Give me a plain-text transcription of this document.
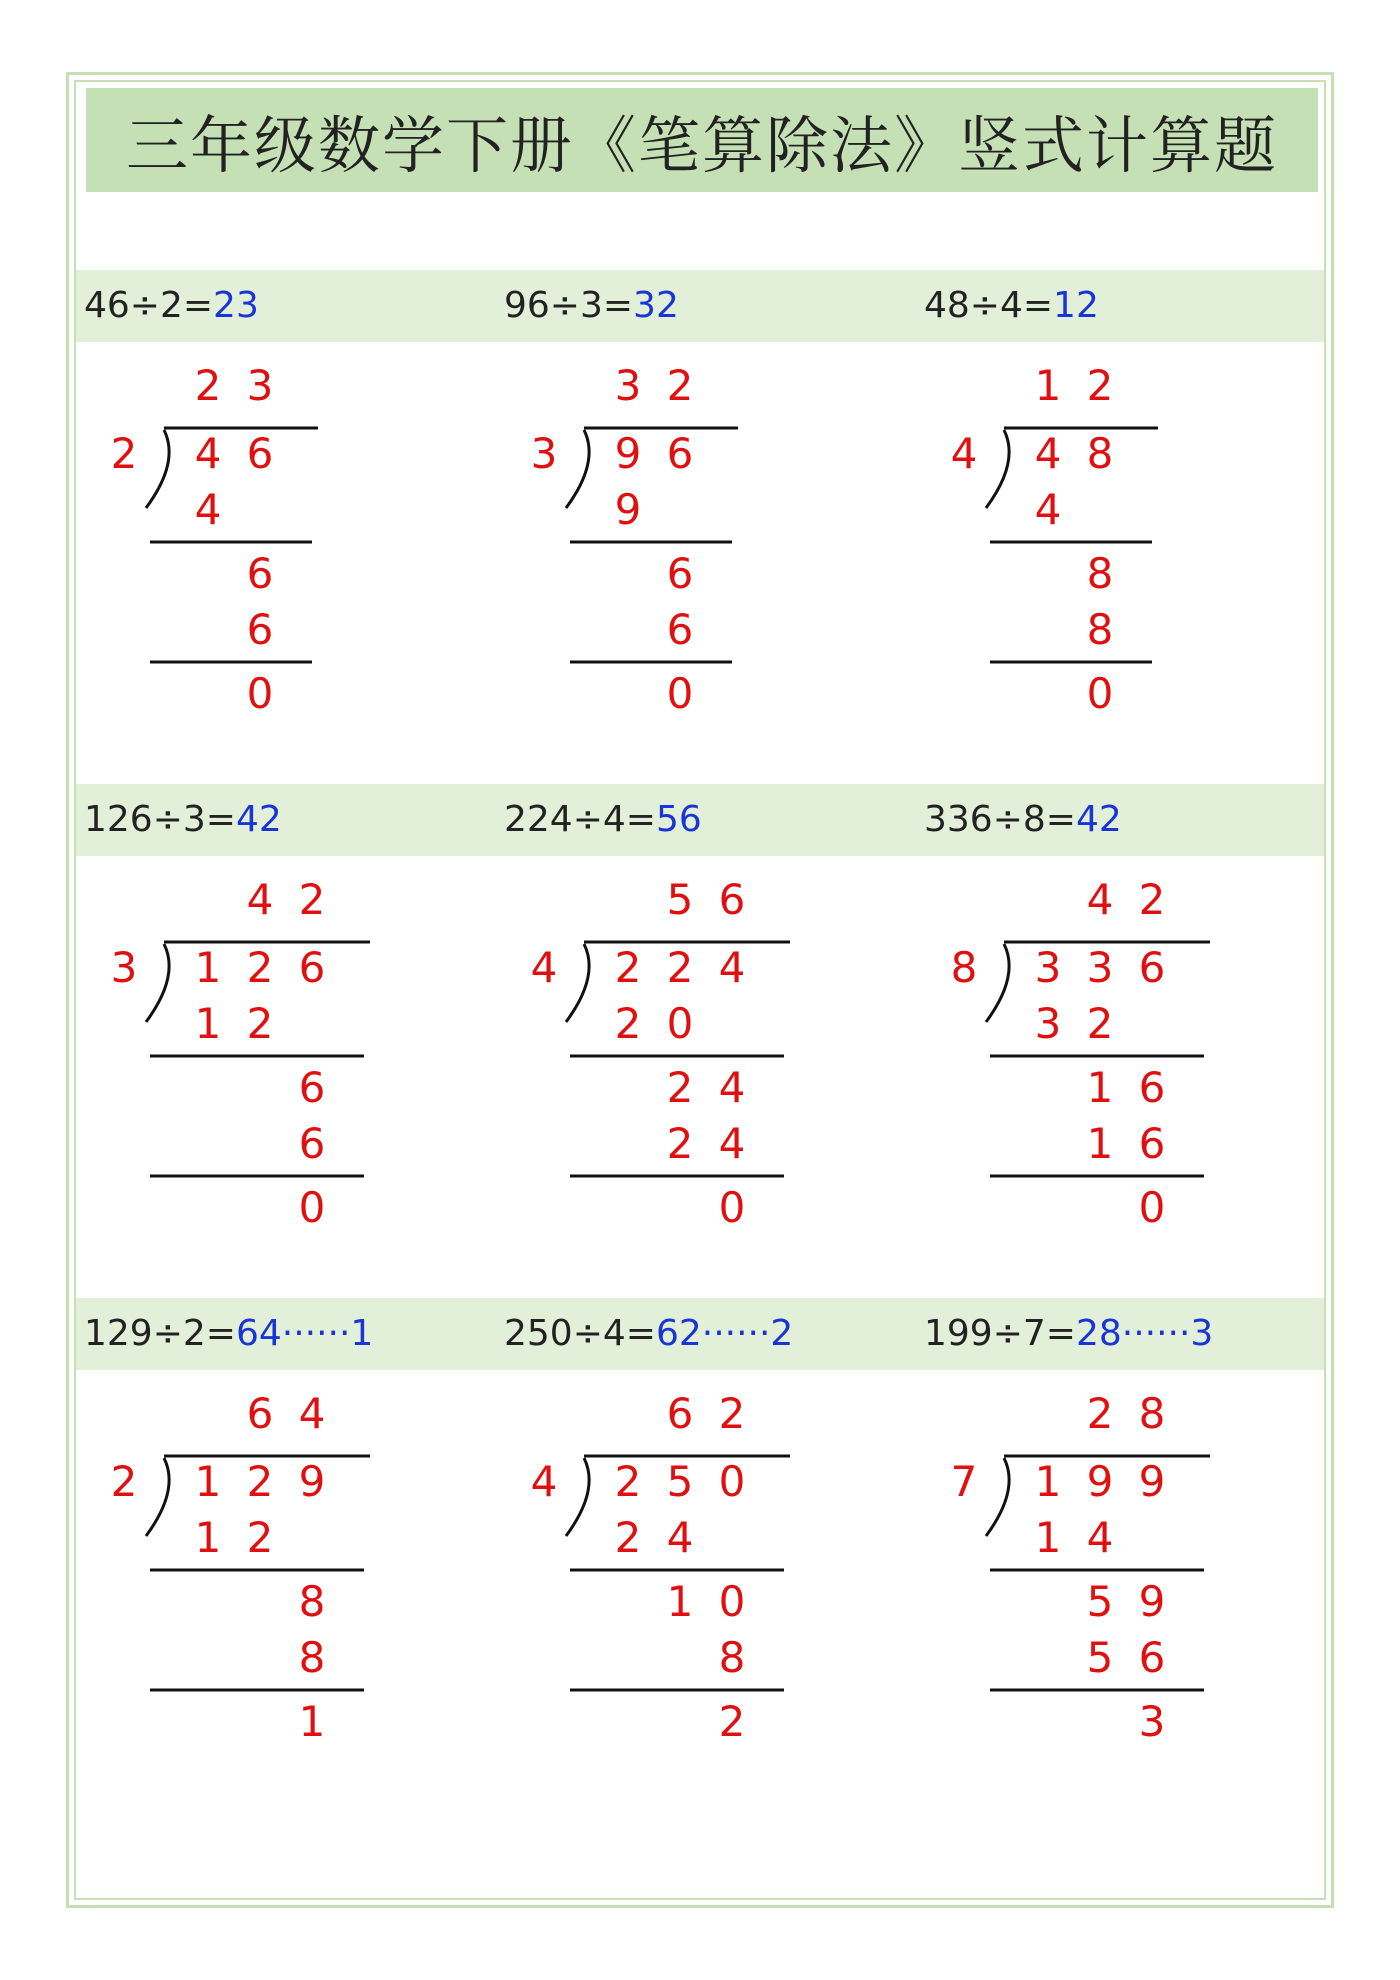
三年级数学下册《笔算除法》竖式计算题
46÷2=23
2 3
2 4 6
4
6
6
0
96÷3=32
3 2
3 9 6
9
6
6
0
48÷4=12
1 2
4 4 8
4
8
8
0
126÷3=42
4 2
3 1 2 6
1 2
6
6
0
224÷4=56
5 6
4 2 2 4
2 0
2 4
2 4
0
336÷8=42
4 2
8 3 3 6
3 2
1 6
1 6
0
129÷2=64······1
6 4
2 1 2 9
1 2
8
8
1
250÷4=62······2
6 2
4 2 5 0
2 4
1 0
8
2
199÷7=28······3
2 8
7 1 9 9
1 4
5 9
5 6
3
